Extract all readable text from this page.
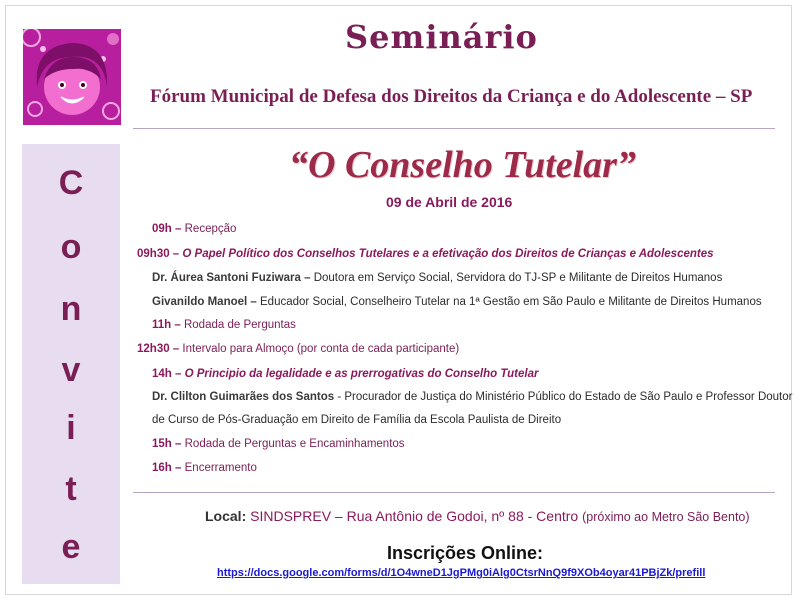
Seminário
Fórum Municipal de Defesa dos Direitos da Criança e do Adolescente – SP
C
o
n
v
i
t
e
“O Conselho Tutelar”
09 de Abril de 2016
09h – Recepção
09h30 – O Papel Político dos Conselhos Tutelares e a efetivação dos Direitos de Crianças e Adolescentes
Dr. Áurea Santoni Fuziwara – Doutora em Serviço Social, Servidora do TJ-SP e Militante de Direitos Humanos
Givanildo Manoel – Educador Social, Conselheiro Tutelar na 1ª Gestão em São Paulo e Militante de Direitos Humanos
11h – Rodada de Perguntas
12h30 – Intervalo para Almoço (por conta de cada participante)
14h – O Principio da legalidade e as prerrogativas do Conselho Tutelar
Dr. Clilton Guimarães dos Santos - Procurador de Justiça do Ministério Público do Estado de São Paulo e Professor Doutor
de Curso de Pós-Graduação em Direito de Família da Escola Paulista de Direito
15h – Rodada de Perguntas e Encaminhamentos
16h – Encerramento
Local: SINDSPREV – Rua Antônio de Godoi, nº 88 - Centro (próximo ao Metro São Bento)
Inscrições Online:
https://docs.google.com/forms/d/1O4wneD1JgPMg0iAlg0CtsrNnQ9f9XOb4oyar41PBjZk/prefill
